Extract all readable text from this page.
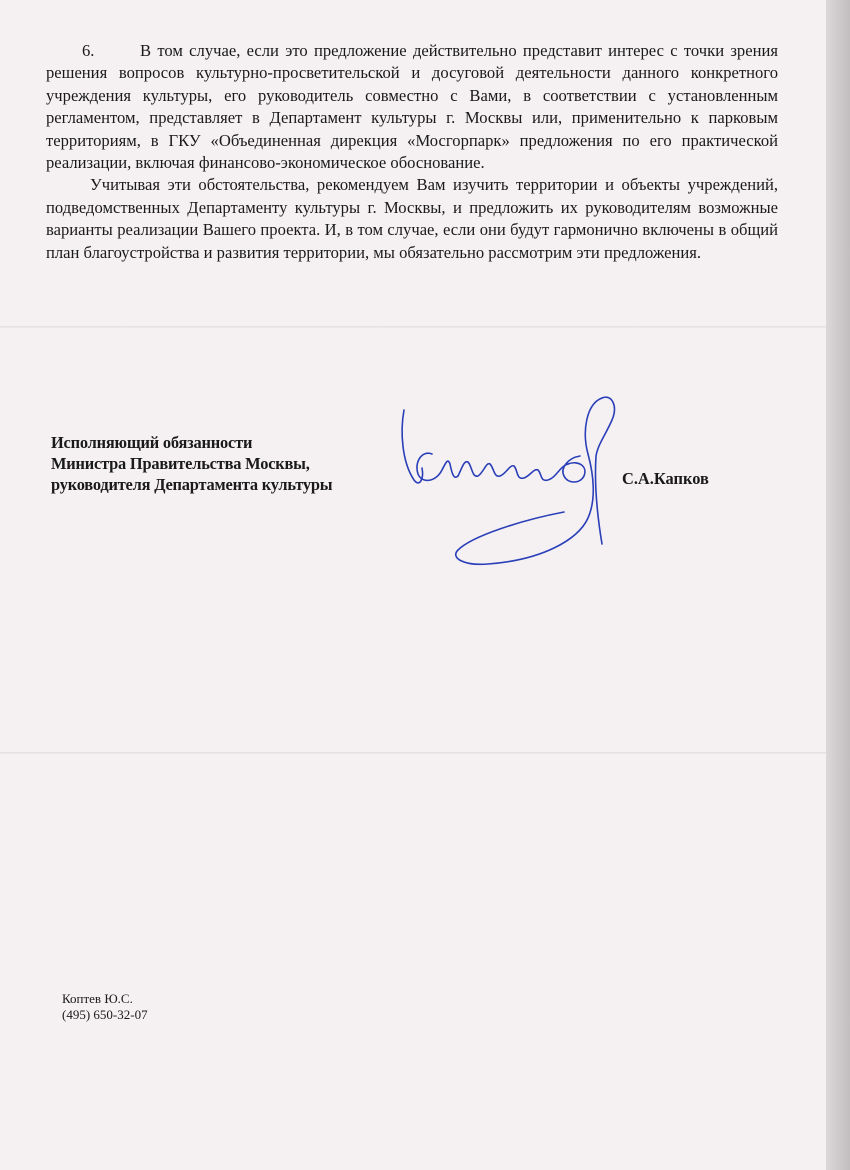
6.	В том случае, если это предложение действительно представит интерес с точки зрения решения вопросов культурно-просветительской и досуговой деятельности данного конкретного учреждения культуры, его руководитель совместно с Вами, в соответствии с установленным регламентом, представляет в Департамент культуры г. Москвы или, применительно к парковым территориям, в ГКУ «Объединенная дирекция «Мосгорпарк» предложения по его практической реализации, включая финансово-экономическое обоснование.

Учитывая эти обстоятельства, рекомендуем Вам изучить территории и объекты учреждений, подведомственных Департаменту культуры г. Москвы, и предложить их руководителям возможные варианты реализации Вашего проекта. И, в том случае, если они будут гармонично включены в общий план благоустройства и развития территории, мы обязательно рассмотрим эти предложения.

Исполняющий обязанности
Министра Правительства Москвы,
руководителя Департамента культуры	С.А.Капков
Коптев Ю.С.
(495) 650-32-07
